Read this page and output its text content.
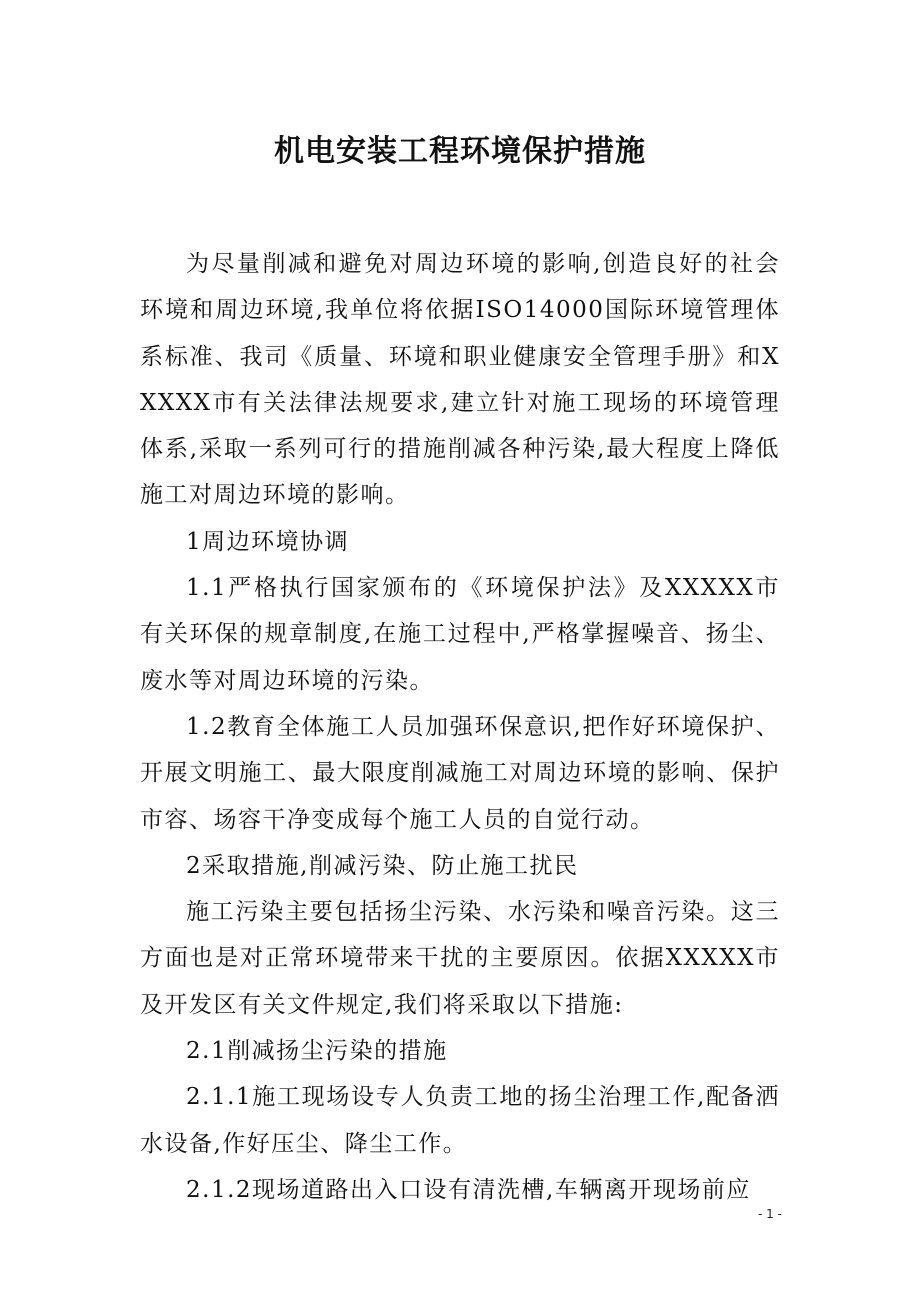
机电安装工程环境保护措施

为尽量削减和避免对周边环境的影响,创造良好的社会环境和周边环境,我单位将依据ISO14000国际环境管理体系标准、我司《质量、环境和职业健康安全管理手册》和XXXXX市有关法律法规要求,建立针对施工现场的环境管理体系,采取一系列可行的措施削减各种污染,最大程度上降低施工对周边环境的影响。

1周边环境协调

1.1严格执行国家颁布的《环境保护法》及XXXXX市有关环保的规章制度,在施工过程中,严格掌握噪音、扬尘、废水等对周边环境的污染。

1.2教育全体施工人员加强环保意识,把作好环境保护、开展文明施工、最大限度削减施工对周边环境的影响、保护市容、场容干净变成每个施工人员的自觉行动。

2采取措施,削减污染、防止施工扰民

施工污染主要包括扬尘污染、水污染和噪音污染。这三方面也是对正常环境带来干扰的主要原因。依据XXXXX市及开发区有关文件规定,我们将采取以下措施:

2.1削减扬尘污染的措施

2.1.1施工现场设专人负责工地的扬尘治理工作,配备洒水设备,作好压尘、降尘工作。

2.1.2现场道路出入口设有清洗槽,车辆离开现场前应

- 1 -
